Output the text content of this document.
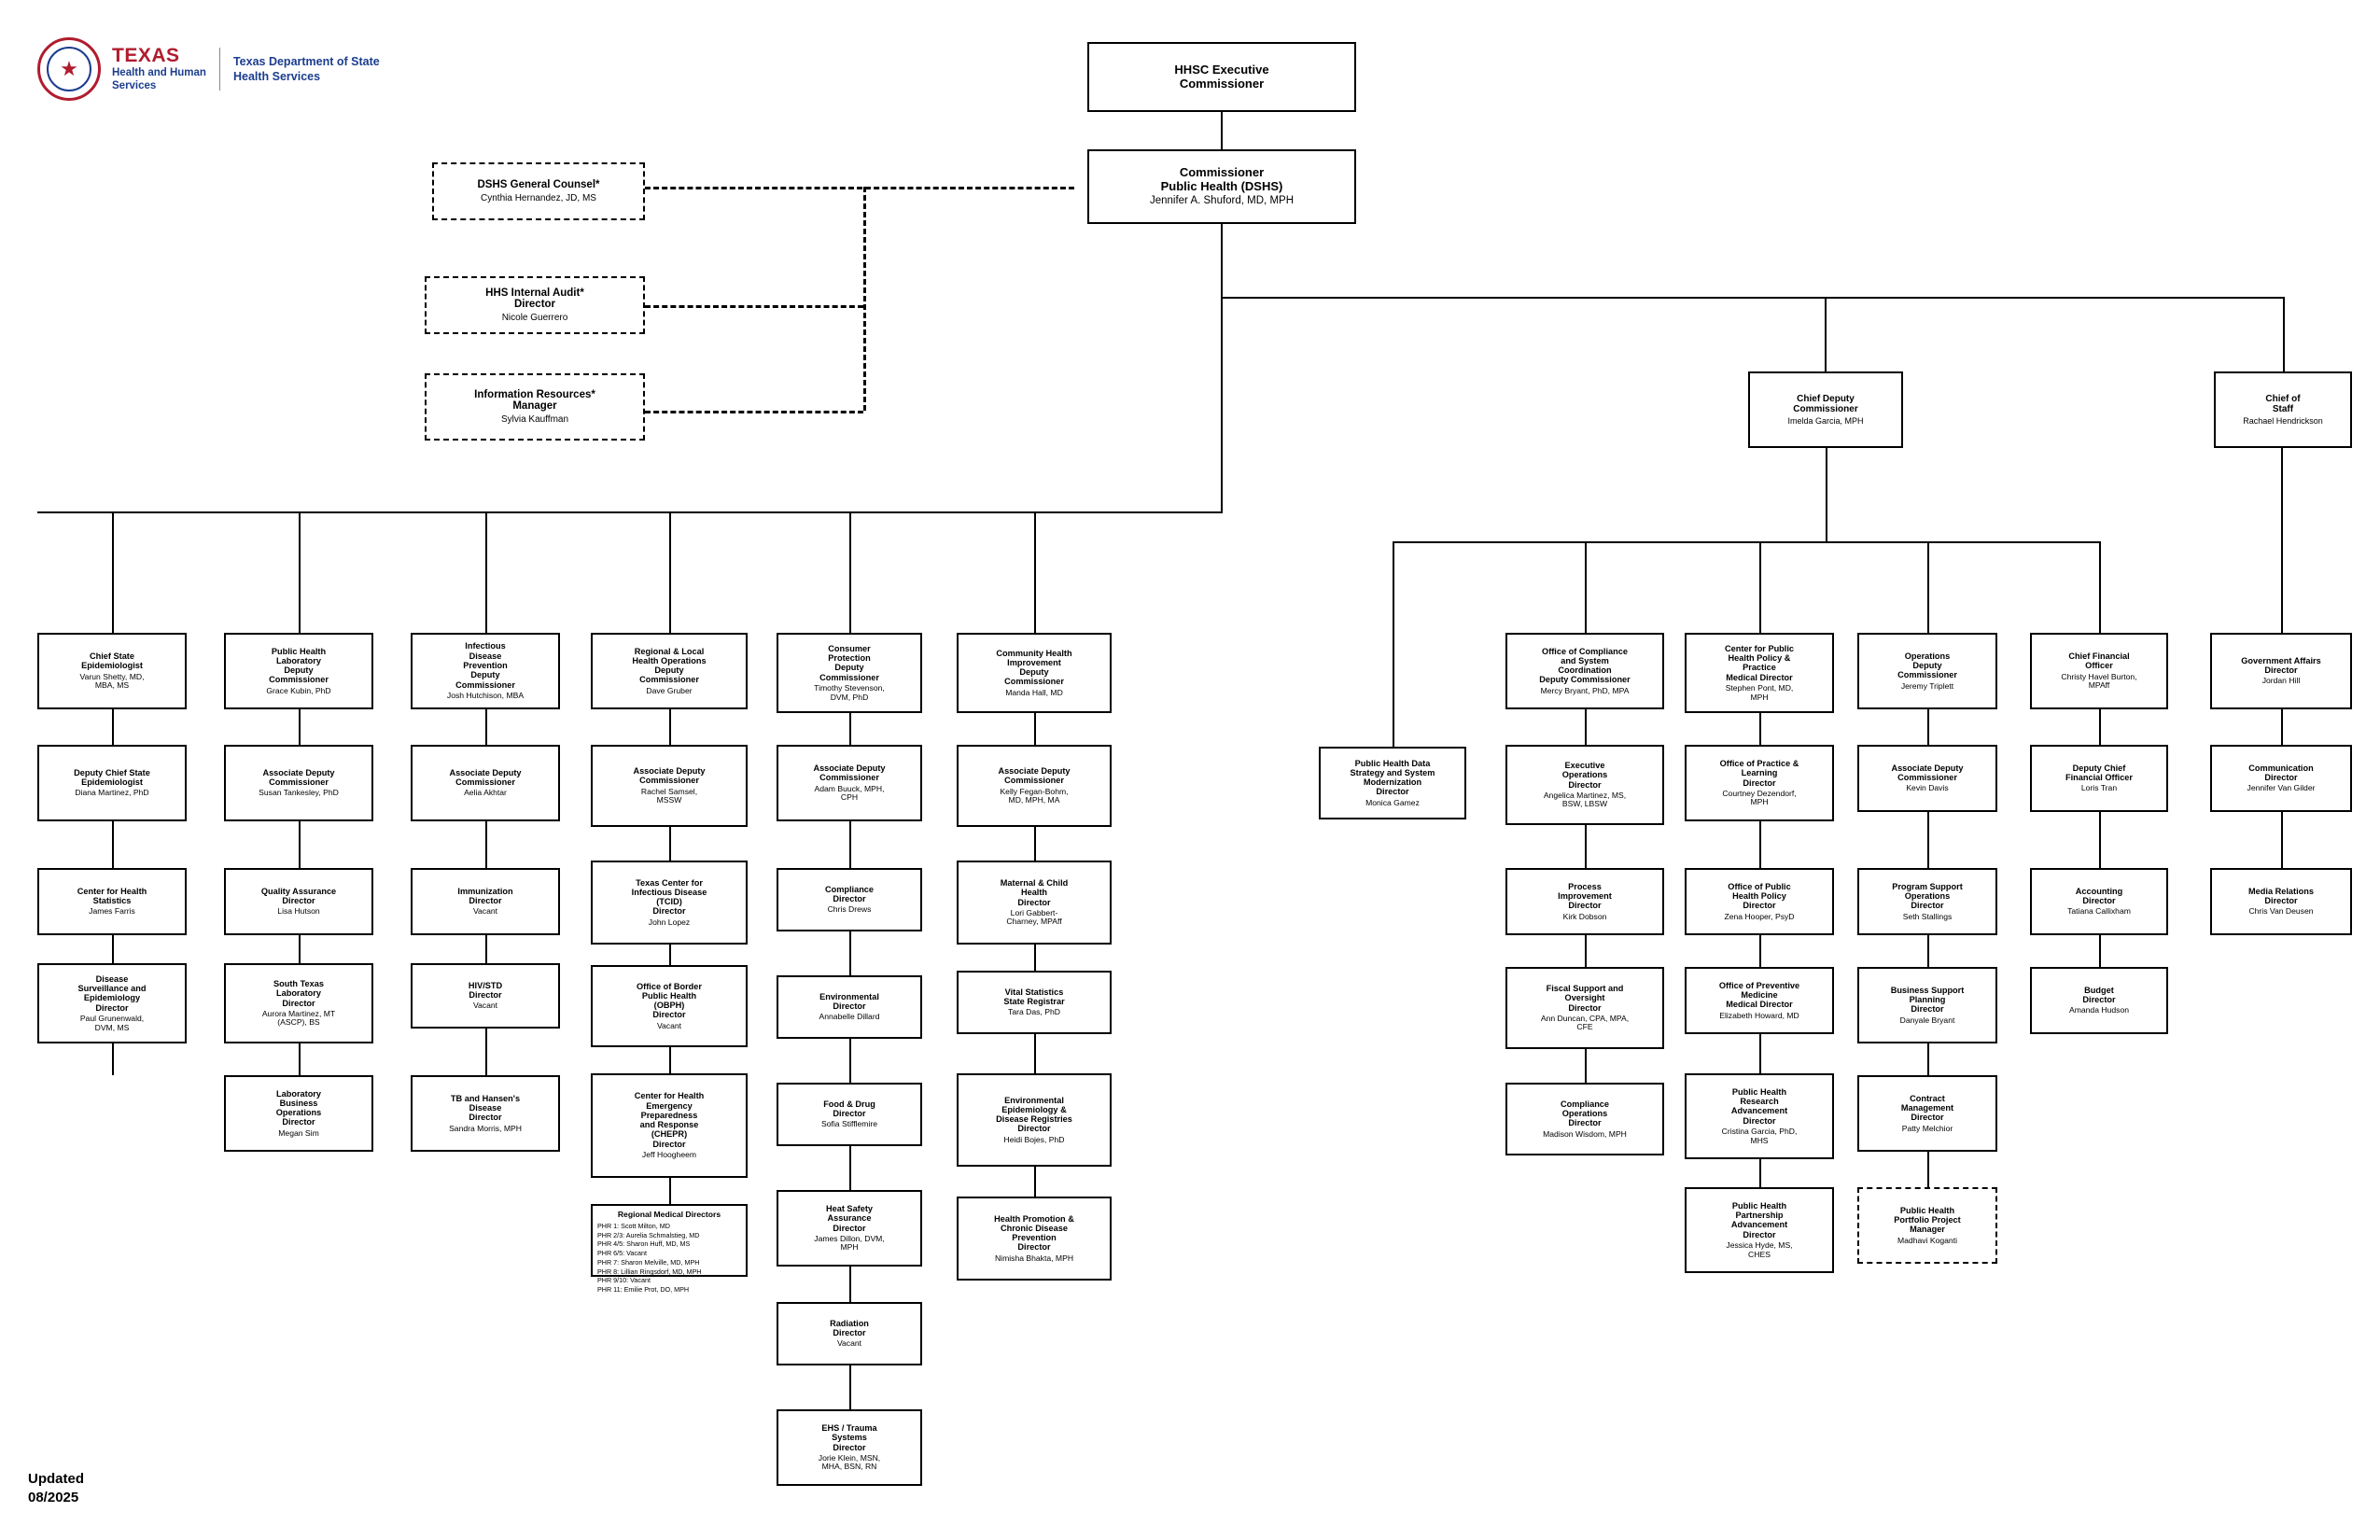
★
TEXAS
Health and Human
Services
Texas Department of State
Health Services
HHSC Executive
Commissioner
Commissioner
Public Health (DSHS)
Jennifer A. Shuford, MD, MPH
DSHS General Counsel*
Cynthia Hernandez, JD, MS
HHS Internal Audit*
Director
Nicole Guerrero
Information Resources*
Manager
Sylvia Kauffman
Chief Deputy
Commissioner
Imelda Garcia, MPH
Chief of
Staff
Rachael Hendrickson
Chief State
Epidemiologist
Varun Shetty, MD,
MBA, MS
Deputy Chief State
Epidemiologist
Diana Martinez, PhD
Center for Health
Statistics
James Farris
Disease
Surveillance and
Epidemiology
Director
Paul Grunenwald,
DVM, MS
Public Health
Laboratory
Deputy
Commissioner
Grace Kubin, PhD
Associate Deputy
Commissioner
Susan Tankesley, PhD
Quality Assurance
Director
Lisa Hutson
South Texas
Laboratory
Director
Aurora Martinez, MT
(ASCP), BS
Laboratory
Business
Operations
Director
Megan Sim
Infectious
Disease
Prevention
Deputy
Commissioner
Josh Hutchison, MBA
Associate Deputy
Commissioner
Aelia Akhtar
Immunization
Director
Vacant
HIV/STD
Director
Vacant
TB and Hansen's
Disease
Director
Sandra Morris, MPH
Regional & Local
Health Operations
Deputy
Commissioner
Dave Gruber
Associate Deputy
Commissioner
Rachel Samsel,
MSSW
Texas Center for
Infectious Disease
(TCID)
Director
John Lopez
Office of Border
Public Health
(OBPH)
Director
Vacant
Center for Health
Emergency
Preparedness
and Response
(CHEPR)
Director
Jeff Hoogheem
Consumer
Protection
Deputy
Commissioner
Timothy Stevenson,
DVM, PhD
Associate Deputy
Commissioner
Adam Buuck, MPH,
CPH
Compliance
Director
Chris Drews
Environmental
Director
Annabelle Dillard
Food & Drug
Director
Sofia Stifflemire
Heat Safety
Assurance
Director
James Dillon, DVM,
MPH
Radiation
Director
Vacant
EHS / Trauma
Systems
Director
Jorie Klein, MSN,
MHA, BSN, RN
Community Health
Improvement
Deputy
Commissioner
Manda Hall, MD
Associate Deputy
Commissioner
Kelly Fegan-Bohm,
MD, MPH, MA
Maternal & Child
Health
Director
Lori Gabbert-
Charney, MPAff
Vital Statistics
State Registrar
Tara Das, PhD
Environmental
Epidemiology &
Disease Registries
Director
Heidi Bojes, PhD
Health Promotion &
Chronic Disease
Prevention
Director
Nimisha Bhakta, MPH
Regional Medical Directors
PHR 1: Scott Milton, MD
PHR 2/3: Aurelia Schmalstieg, MD
PHR 4/5: Sharon Huff, MD, MS
PHR 6/5: Vacant
PHR 7: Sharon Melville, MD, MPH
PHR 8: Lillian Ringsdorf, MD, MPH
PHR 9/10: Vacant
PHR 11: Emilie Prot, DO, MPH
Public Health Data
Strategy and System
Modernization
Director
Monica Gamez
Office of Compliance
and System
Coordination
Deputy Commissioner
Mercy Bryant, PhD, MPA
Executive
Operations
Director
Angelica Martinez, MS,
BSW, LBSW
Process
Improvement
Director
Kirk Dobson
Fiscal Support and
Oversight
Director
Ann Duncan, CPA, MPA,
CFE
Compliance
Operations
Director
Madison Wisdom, MPH
Center for Public
Health Policy &
Practice
Medical Director
Stephen Pont, MD,
MPH
Office of Practice &
Learning
Director
Courtney Dezendorf,
MPH
Office of Public
Health Policy
Director
Zena Hooper, PsyD
Office of Preventive
Medicine
Medical Director
Elizabeth Howard, MD
Public Health
Research
Advancement
Director
Cristina Garcia, PhD,
MHS
Public Health
Partnership
Advancement
Director
Jessica Hyde, MS,
CHES
Operations
Deputy
Commissioner
Jeremy Triplett
Associate Deputy
Commissioner
Kevin Davis
Program Support
Operations
Director
Seth Stallings
Business Support
Planning
Director
Danyale Bryant
Contract
Management
Director
Patty Melchior
Public Health
Portfolio Project
Manager
Madhavi Koganti
Chief Financial
Officer
Christy Havel Burton,
MPAff
Deputy Chief
Financial Officer
Loris Tran
Accounting
Director
Tatiana Callixham
Budget
Director
Amanda Hudson
Government Affairs
Director
Jordan Hill
Communication
Director
Jennifer Van Gilder
Media Relations
Director
Chris Van Deusen
Updated
08/2025
